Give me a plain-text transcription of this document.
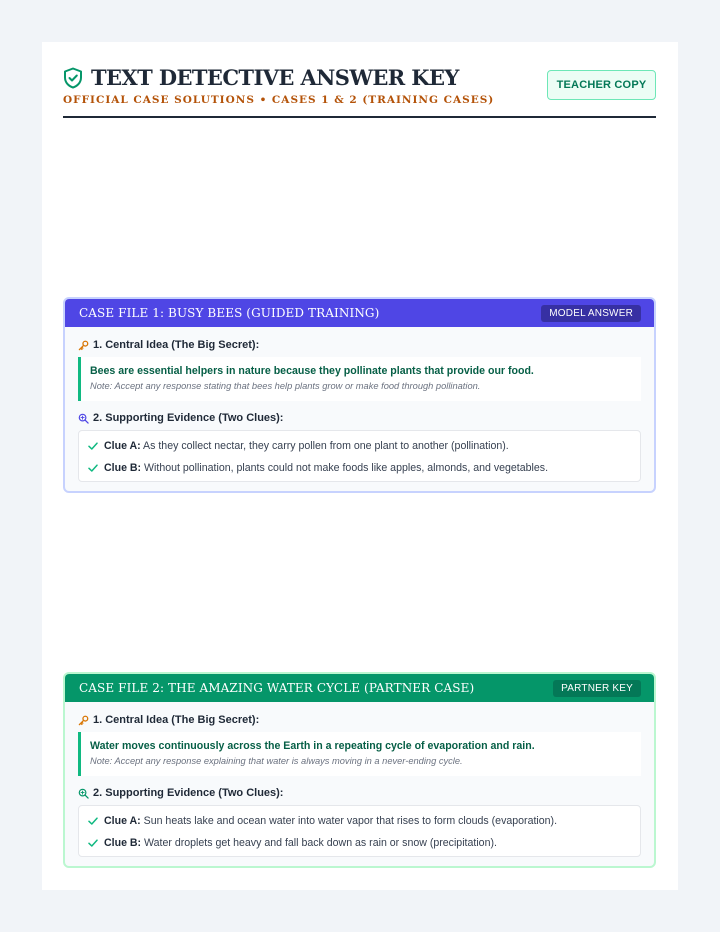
TEXT DETECTIVE ANSWER KEY
OFFICIAL CASE SOLUTIONS • CASES 1 & 2 (TRAINING CASES)
TEACHER COPY
CASE FILE 1: BUSY BEES (GUIDED TRAINING)	MODEL ANSWER
1. Central Idea (The Big Secret):
Bees are essential helpers in nature because they pollinate plants that provide our food.
Note: Accept any response stating that bees help plants grow or make food through pollination.
2. Supporting Evidence (Two Clues):
Clue A: As they collect nectar, they carry pollen from one plant to another (pollination).
Clue B: Without pollination, plants could not make foods like apples, almonds, and vegetables.
CASE FILE 2: THE AMAZING WATER CYCLE (PARTNER CASE)	PARTNER KEY
1. Central Idea (The Big Secret):
Water moves continuously across the Earth in a repeating cycle of evaporation and rain.
Note: Accept any response explaining that water is always moving in a never-ending cycle.
2. Supporting Evidence (Two Clues):
Clue A: Sun heats lake and ocean water into water vapor that rises to form clouds (evaporation).
Clue B: Water droplets get heavy and fall back down as rain or snow (precipitation).
